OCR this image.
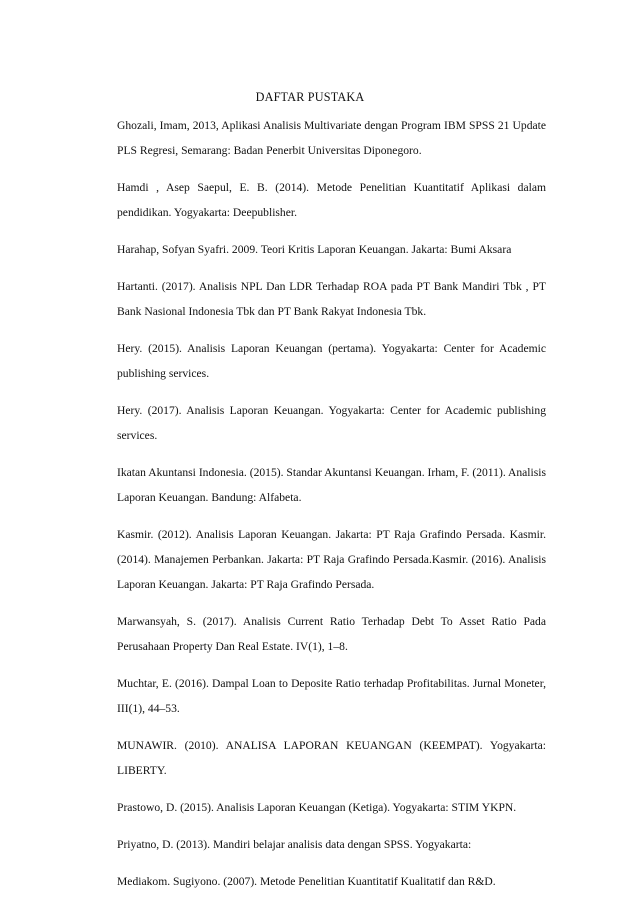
DAFTAR PUSTAKA
Ghozali, Imam, 2013, Aplikasi Analisis Multivariate dengan Program IBM SPSS 21 Update PLS Regresi, Semarang: Badan Penerbit Universitas Diponegoro.
Hamdi , Asep Saepul, E. B. (2014). Metode Penelitian Kuantitatif Aplikasi dalam pendidikan. Yogyakarta: Deepublisher.
Harahap, Sofyan Syafri. 2009. Teori Kritis Laporan Keuangan. Jakarta: Bumi Aksara
Hartanti. (2017). Analisis NPL Dan LDR Terhadap ROA pada PT Bank Mandiri Tbk , PT Bank Nasional Indonesia Tbk dan PT Bank Rakyat Indonesia Tbk.
Hery. (2015). Analisis Laporan Keuangan (pertama). Yogyakarta: Center for Academic publishing services.
Hery. (2017). Analisis Laporan Keuangan. Yogyakarta: Center for Academic publishing services.
Ikatan Akuntansi Indonesia. (2015). Standar Akuntansi Keuangan. Irham, F. (2011). Analisis Laporan Keuangan. Bandung: Alfabeta.
Kasmir. (2012). Analisis Laporan Keuangan. Jakarta: PT Raja Grafindo Persada. Kasmir. (2014). Manajemen Perbankan. Jakarta: PT Raja Grafindo Persada.Kasmir. (2016). Analisis Laporan Keuangan. Jakarta: PT Raja Grafindo Persada.
Marwansyah, S. (2017). Analisis Current Ratio Terhadap Debt To Asset Ratio Pada Perusahaan Property Dan Real Estate. IV(1), 1–8.
Muchtar, E. (2016). Dampal Loan to Deposite Ratio terhadap Profitabilitas. Jurnal Moneter, III(1), 44–53.
MUNAWIR. (2010). ANALISA LAPORAN KEUANGAN (KEEMPAT). Yogyakarta: LIBERTY.
Prastowo, D. (2015). Analisis Laporan Keuangan (Ketiga). Yogyakarta: STIM YKPN.
Priyatno, D. (2013). Mandiri belajar analisis data dengan SPSS. Yogyakarta:
Mediakom. Sugiyono. (2007). Metode Penelitian Kuantitatif Kualitatif dan R&D.
